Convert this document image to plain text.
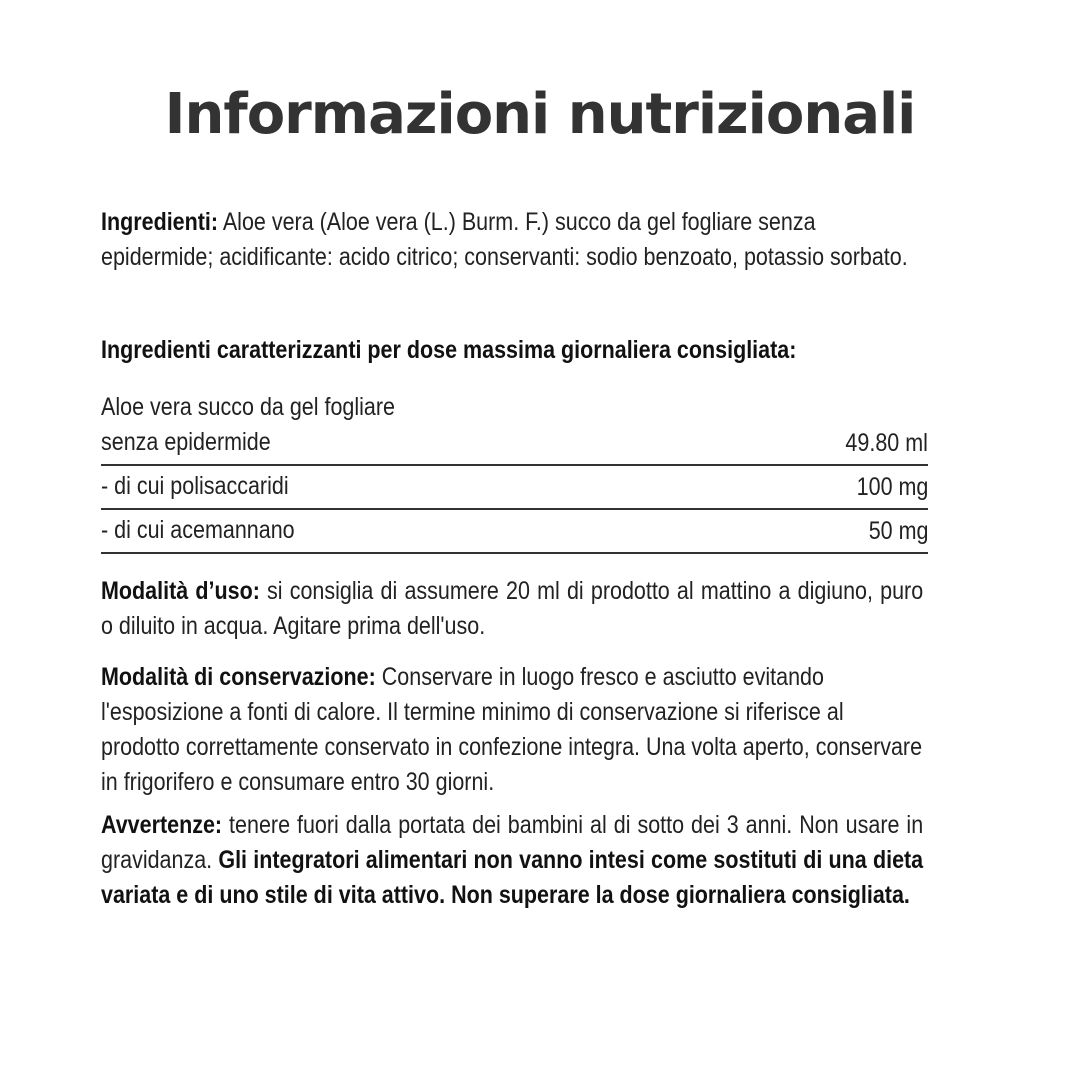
Informazioni nutrizionali

Ingredienti: Aloe vera (Aloe vera (L.) Burm. F.) succo da gel fogliare senza epidermide; acidificante: acido citrico; conservanti: sodio benzoato, potassio sorbato.

Ingredienti caratterizzanti per dose massima giornaliera consigliata:

Aloe vera succo da gel fogliare
senza epidermide	49.80 ml
- di cui polisaccaridi	100 mg
- di cui acemannano	50 mg

Modalità d’uso: si consiglia di assumere 20 ml di prodotto al mattino a digiuno, puro o diluito in acqua. Agitare prima dell'uso.

Modalità di conservazione: Conservare in luogo fresco e asciutto evitando l'esposizione a fonti di calore. Il termine minimo di conservazione si riferisce al prodotto correttamente conservato in confezione integra. Una volta aperto, conservare in frigorifero e consumare entro 30 giorni.

Avvertenze: tenere fuori dalla portata dei bambini al di sotto dei 3 anni. Non usare in gravidanza. Gli integratori alimentari non vanno intesi come sostituti di una dieta variata e di uno stile di vita attivo. Non superare la dose giornaliera consigliata.
